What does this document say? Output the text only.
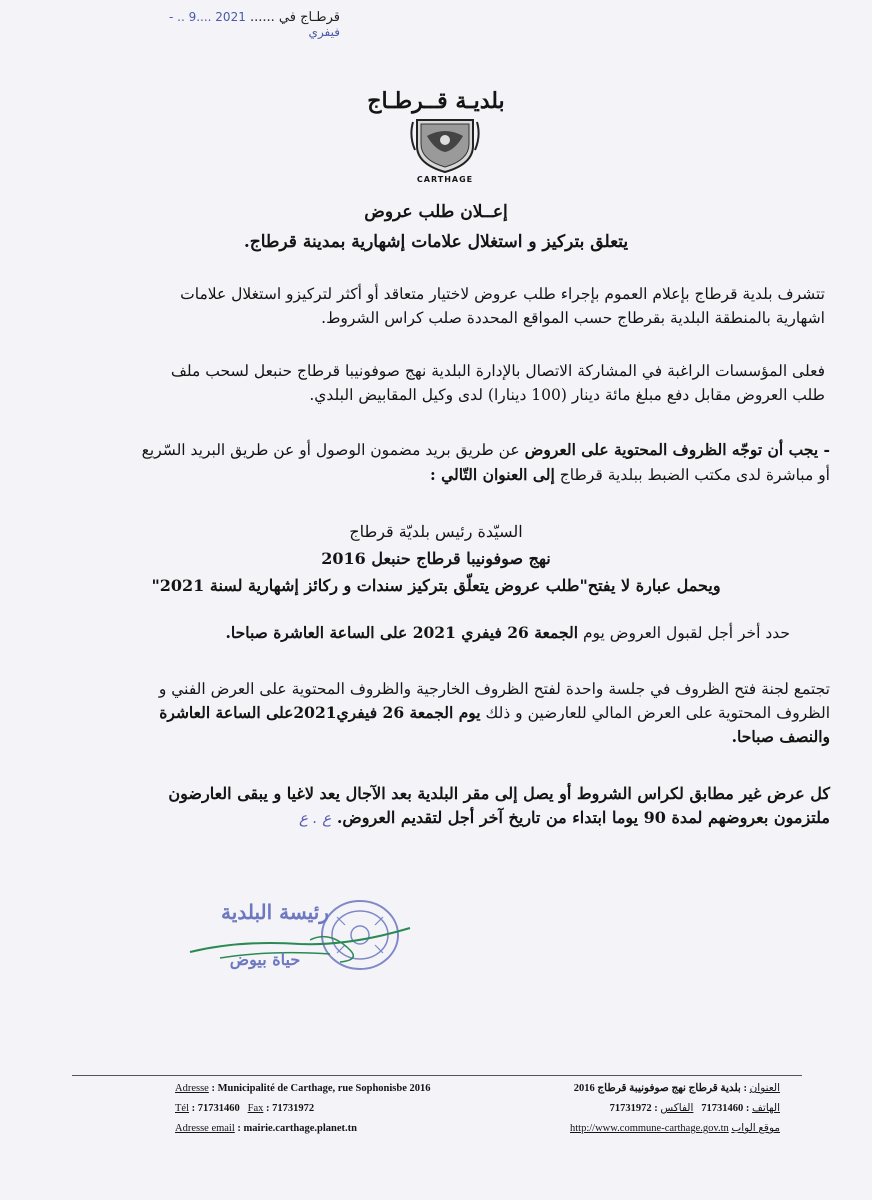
قرطـاج في ...... 2021 ....9 .. - فيفري
بلديـة قــرطـاج
CARTHAGE
إعــلان طلب عروض
يتعلق بتركيز و استغلال علامات إشهارية بمدينة قرطاج.
تتشرف بلدية قرطاج بإعلام العموم بإجراء طلب عروض لاختيار متعاقد أو أكثر لتركيزو استغلال علامات اشهارية بالمنطقة البلدية بقرطاج حسب المواقع المحددة صلب كراس الشروط.
فعلى المؤسسات الراغبة في المشاركة الاتصال بالإدارة البلدية نهج صوفونيبا قرطاج حنبعل لسحب ملف طلب العروض مقابل دفع مبلغ مائة دينار (100 دينارا) لدى وكيل المقابيض البلدي.
- يجب أن توجّه الظروف المحتوية على العروض عن طريق بريد مضمون الوصول أو عن طريق البريد السّريع أو مباشرة لدى مكتب الضبط ببلدية قرطاج إلى العنوان التّالي :
السيّدة رئيس بلديّة قرطاج
نهج صوفونيبا قرطاج حنبعل 2016
ويحمل عبارة لا يفتح"طلب عروض يتعلّق بتركيز سندات و ركائز إشهارية لسنة 2021"
حدد أخر أجل لقبول العروض يوم الجمعة 26 فيفري 2021 على الساعة العاشرة صباحا.
تجتمع لجنة فتح الظروف في جلسة واحدة لفتح الظروف الخارجية والظروف المحتوية على العرض الفني و الظروف المحتوية على العرض المالي للعارضين و ذلك يوم الجمعة 26 فيفري2021على الساعة العاشرة والنصف صباحا.
كل عرض غير مطابق لكراس الشروط أو يصل إلى مقر البلدية بعد الآجال يعد لاغيا و يبقى العارضون ملتزمون بعروضهم لمدة 90 يوما ابتداء من تاريخ آخر أجل لتقديم العروض. ع . ع
رئيسة البلدية
حياة بيوض
Adresse : Municipalité de Carthage, rue Sophonisbe 2016
Tél : 71731460 Fax : 71731972
Adresse email : mairie.carthage.planet.tn
العنوان : بلدية قرطاج نهج صوفونيبة قرطاج 2016
الهاتف : 71731460   الفاكس : 71731972
موقع الواب http://www.commune-carthage.gov.tn
